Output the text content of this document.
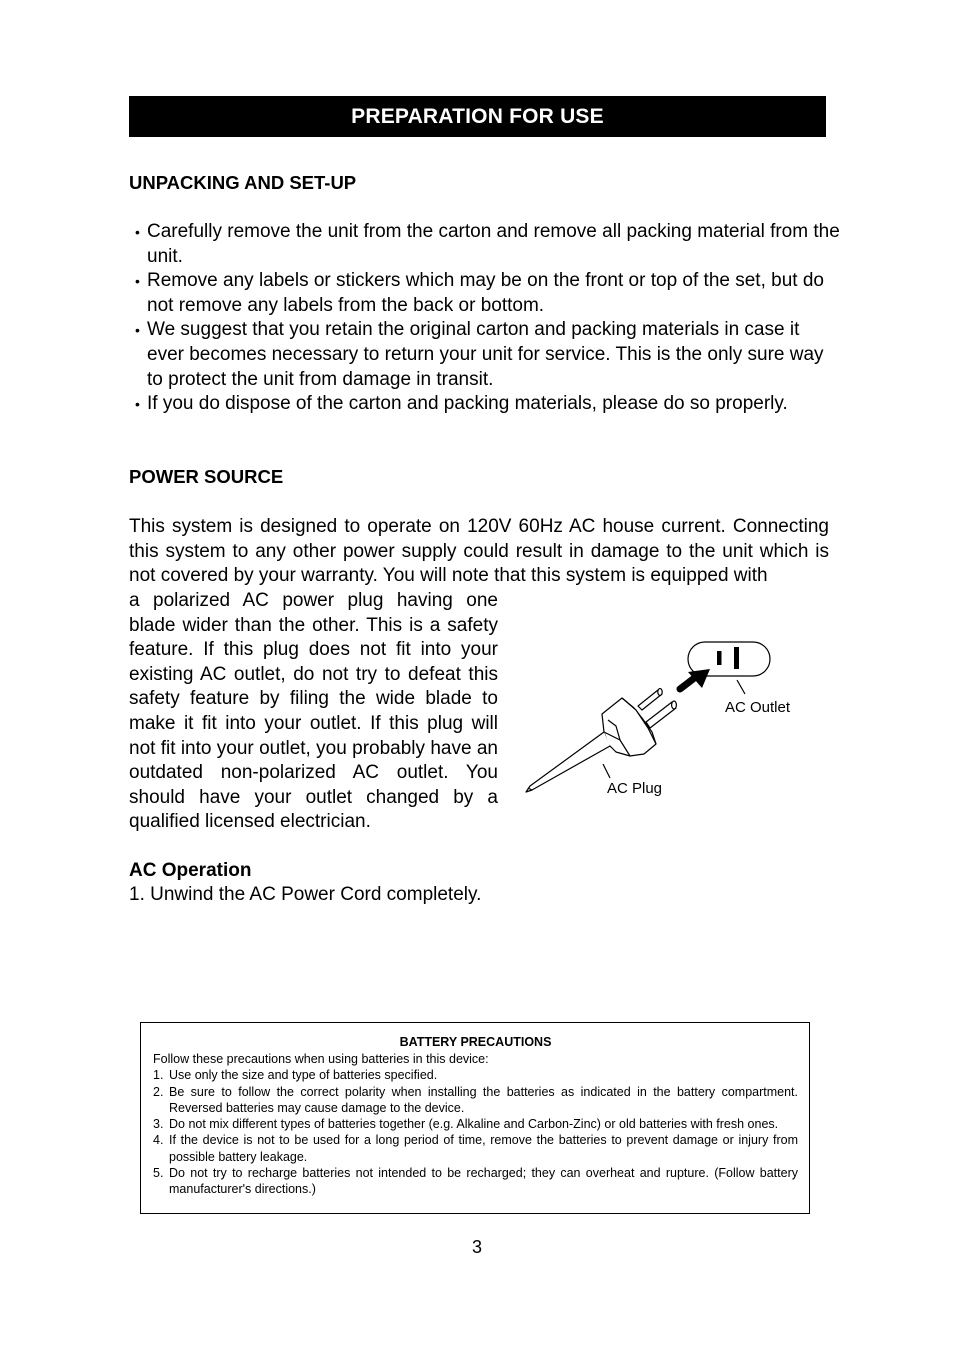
PREPARATION FOR USE
UNPACKING AND SET-UP
• Carefully remove the unit from the carton and remove all packing material from the unit.
• Remove any labels or stickers which may be on the front or top of the set, but do not remove any labels from the back or bottom.
• We suggest that you retain the original carton and packing materials in case it ever becomes necessary to return your unit for service. This is the only sure way to protect the unit from damage in transit.
• If you do dispose of the carton and packing materials, please do so properly.
POWER SOURCE
This system is designed to operate on 120V 60Hz AC house current. Connecting this system to any other power supply could result in damage to the unit which is not covered by your warranty. You will note that this system is equipped with
a polarized AC power plug having one blade wider than the other. This is a safety feature. If this plug does not fit into your existing AC outlet, do not try to defeat this safety feature by filing the wide blade to make it fit into your outlet. If this plug will not fit into your outlet, you probably have an outdated non-polarized AC outlet. You should have your outlet changed by a qualified licensed electrician.
AC Outlet
AC Plug
AC Operation
1. Unwind the AC Power Cord completely.
BATTERY PRECAUTIONS
Follow these precautions when using batteries in this device:
1. Use only the size and type of batteries specified.
2. Be sure to follow the correct polarity when installing the batteries as indicated in the battery compartment. Reversed batteries may cause damage to the device.
3. Do not mix different types of batteries together (e.g. Alkaline and Carbon-Zinc) or old batteries with fresh ones.
4. If the device is not to be used for a long period of time, remove the batteries to prevent damage or injury from possible battery leakage.
5. Do not try to recharge batteries not intended to be recharged; they can overheat and rupture. (Follow battery manufacturer's directions.)
3
